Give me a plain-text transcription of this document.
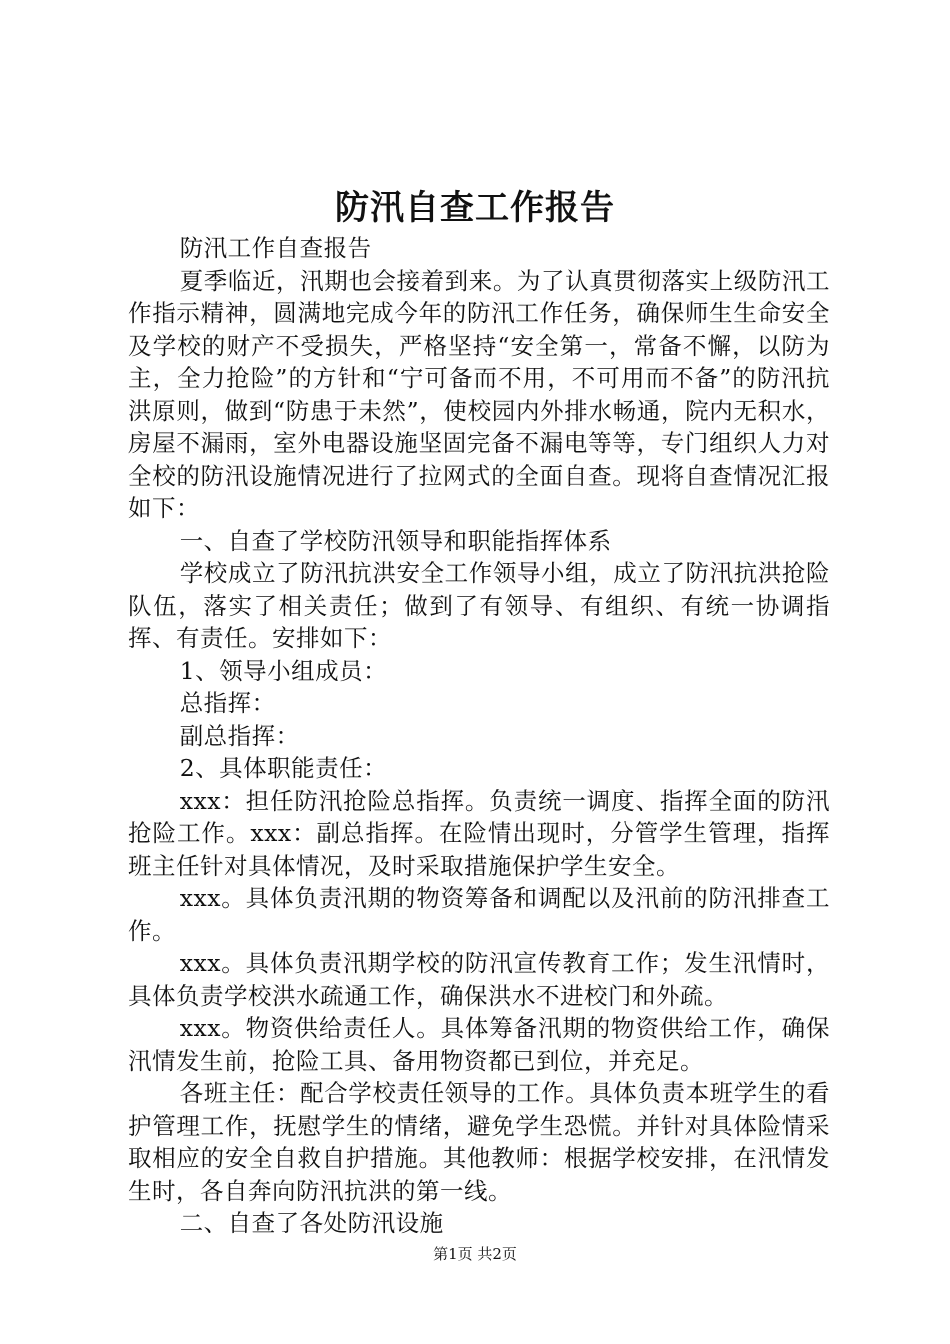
防汛自查工作报告

防汛工作自查报告

夏季临近，汛期也会接着到来。为了认真贯彻落实上级防汛工作指示精神，圆满地完成今年的防汛工作任务，确保师生生命安全及学校的财产不受损失，严格坚持“安全第一，常备不懈，以防为主，全力抢险”的方针和“宁可备而不用，不可用而不备”的防汛抗洪原则，做到“防患于未然”，使校园内外排水畅通，院内无积水，房屋不漏雨，室外电器设施坚固完备不漏电等等，专门组织人力对全校的防汛设施情况进行了拉网式的全面自查。现将自查情况汇报如下：

一、自查了学校防汛领导和职能指挥体系

学校成立了防汛抗洪安全工作领导小组，成立了防汛抗洪抢险队伍，落实了相关责任；做到了有领导、有组织、有统一协调指挥、有责任。安排如下：

1、领导小组成员：

总指挥：

副总指挥：

2、具体职能责任：

xxx：担任防汛抢险总指挥。负责统一调度、指挥全面的防汛抢险工作。xxx：副总指挥。在险情出现时，分管学生管理，指挥班主任针对具体情况，及时采取措施保护学生安全。

xxx。具体负责汛期的物资筹备和调配以及汛前的防汛排查工作。

xxx。具体负责汛期学校的防汛宣传教育工作；发生汛情时，具体负责学校洪水疏通工作，确保洪水不进校门和外疏。

xxx。物资供给责任人。具体筹备汛期的物资供给工作，确保汛情发生前，抢险工具、备用物资都已到位，并充足。

各班主任：配合学校责任领导的工作。具体负责本班学生的看护管理工作，抚慰学生的情绪，避免学生恐慌。并针对具体险情采取相应的安全自救自护措施。其他教师：根据学校安排，在汛情发生时，各自奔向防汛抗洪的第一线。

二、自查了各处防汛设施

第1页 共2页
